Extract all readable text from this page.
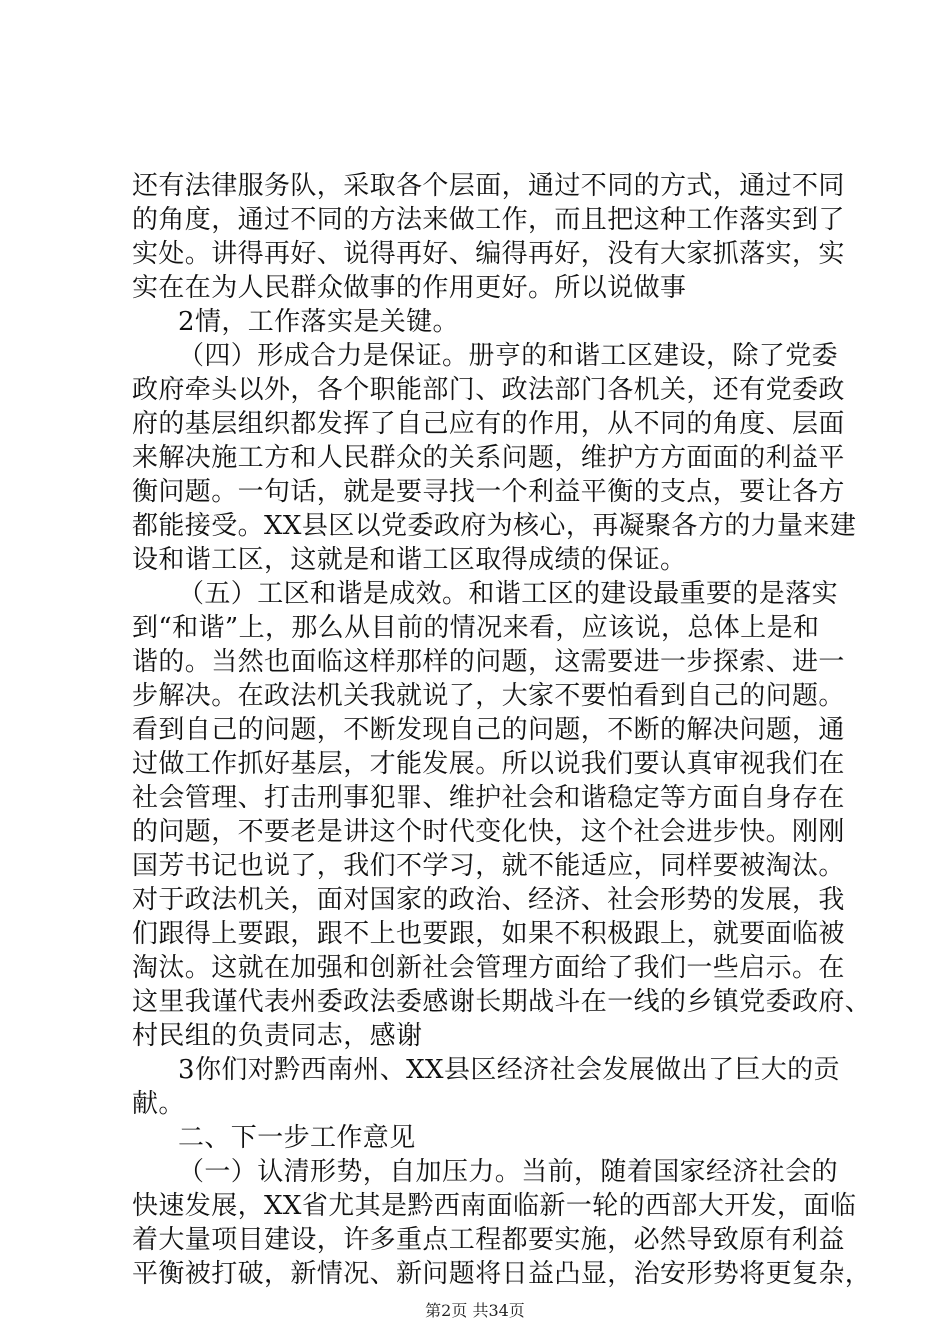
还有法律服务队，采取各个层面，通过不同的方式，通过不同
的角度，通过不同的方法来做工作，而且把这种工作落实到了
实处。讲得再好、说得再好、编得再好，没有大家抓落实，实
实在在为人民群众做事的作用更好。所以说做事
2情，工作落实是关键。
（四）形成合力是保证。册亨的和谐工区建设，除了党委
政府牵头以外，各个职能部门、政法部门各机关，还有党委政
府的基层组织都发挥了自己应有的作用，从不同的角度、层面
来解决施工方和人民群众的关系问题，维护方方面面的利益平
衡问题。一句话，就是要寻找一个利益平衡的支点，要让各方
都能接受。XX县区以党委政府为核心，再凝聚各方的力量来建
设和谐工区，这就是和谐工区取得成绩的保证。
（五）工区和谐是成效。和谐工区的建设最重要的是落实
到“和谐”上，那么从目前的情况来看，应该说，总体上是和
谐的。当然也面临这样那样的问题，这需要进一步探索、进一
步解决。在政法机关我就说了，大家不要怕看到自己的问题。
看到自己的问题，不断发现自己的问题，不断的解决问题，通
过做工作抓好基层，才能发展。所以说我们要认真审视我们在
社会管理、打击刑事犯罪、维护社会和谐稳定等方面自身存在
的问题，不要老是讲这个时代变化快，这个社会进步快。刚刚
国芳书记也说了，我们不学习，就不能适应，同样要被淘汰。
对于政法机关，面对国家的政治、经济、社会形势的发展，我
们跟得上要跟，跟不上也要跟，如果不积极跟上，就要面临被
淘汰。这就在加强和创新社会管理方面给了我们一些启示。在
这里我谨代表州委政法委感谢长期战斗在一线的乡镇党委政府、
村民组的负责同志，感谢
3你们对黔西南州、XX县区经济社会发展做出了巨大的贡
献。
二、下一步工作意见
（一）认清形势，自加压力。当前，随着国家经济社会的
快速发展，XX省尤其是黔西南面临新一轮的西部大开发，面临
着大量项目建设，许多重点工程都要实施，必然导致原有利益
平衡被打破，新情况、新问题将日益凸显，治安形势将更复杂，
第2页 共34页
